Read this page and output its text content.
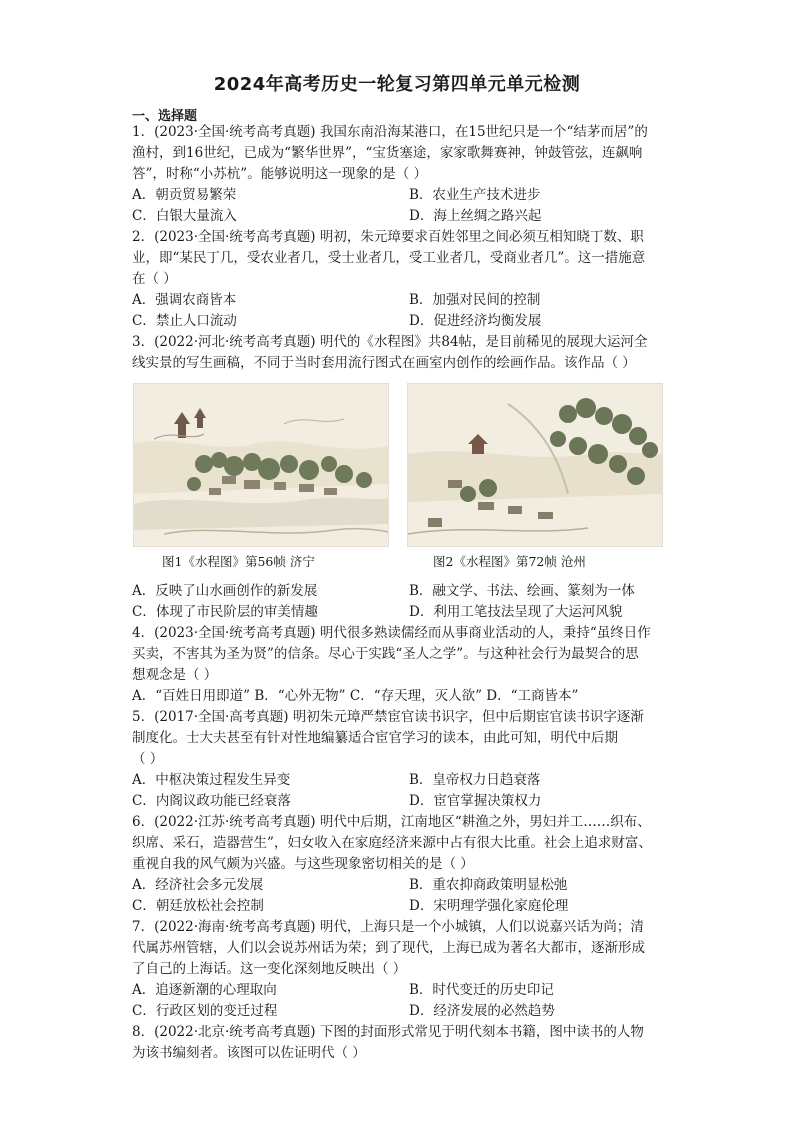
2024年高考历史一轮复习第四单元单元检测
一、选择题
1．(2023·全国·统考高考真题) 我国东南沿海某港口，在15世纪只是一个“结茅而居”的
渔村，到16世纪，已成为“繁华世界”，“宝货塞途，家家歌舞赛神，钟鼓管弦，连飙响
答”，时称“小苏杭”。能够说明这一现象的是（ ）
A．朝贡贸易繁荣	B．农业生产技术进步
C．白银大量流入	D．海上丝绸之路兴起
2．(2023·全国·统考高考真题) 明初，朱元璋要求百姓邻里之间必须互相知晓丁数、职
业，即“某民丁几，受农业者几，受士业者几，受工业者几，受商业者几”。这一措施意
在（ ）
A．强调农商皆本	B．加强对民间的控制
C．禁止人口流动	D．促进经济均衡发展
3．(2022·河北·统考高考真题) 明代的《水程图》共84帖，是目前稀见的展现大运河全
线实景的写生画稿，不同于当时套用流行图式在画室内创作的绘画作品。该作品（ ）
图1《水程图》第56帧 济宁	图2《水程图》第72帧 沧州
A．反映了山水画创作的新发展	B．融文学、书法、绘画、篆刻为一体
C．体现了市民阶层的审美情趣	D．利用工笔技法呈现了大运河风貌
4．(2023·全国·统考高考真题) 明代很多熟读儒经而从事商业活动的人，秉持“虽终日作
买卖，不害其为圣为贤”的信条。尽心于实践“圣人之学”。与这种社会行为最契合的思
想观念是（ ）
A．“百姓日用即道” B．“心外无物” C．“存天理，灭人欲” D．“工商皆本”
5．(2017·全国·高考真题) 明初朱元璋严禁宦官读书识字，但中后期宦官读书识字逐渐
制度化。士大夫甚至有针对性地编纂适合宦官学习的读本，由此可知，明代中后期
（ ）
A．中枢决策过程发生异变	B．皇帝权力日趋衰落
C．内阁议政功能已经衰落	D．宦官掌握决策权力
6．(2022·江苏·统考高考真题) 明代中后期，江南地区“耕渔之外，男妇并工……织布、
织席、采石，造器营生”，妇女收入在家庭经济来源中占有很大比重。社会上追求财富、
重视自我的风气颇为兴盛。与这些现象密切相关的是（ ）
A．经济社会多元发展	B．重农抑商政策明显松弛
C．朝廷放松社会控制	D．宋明理学强化家庭伦理
7．(2022·海南·统考高考真题) 明代，上海只是一个小城镇，人们以说嘉兴话为尚；清
代属苏州管辖，人们以会说苏州话为荣；到了现代，上海已成为著名大都市，逐渐形成
了自己的上海话。这一变化深刻地反映出（ ）
A．追逐新潮的心理取向	B．时代变迁的历史印记
C．行政区划的变迁过程	D．经济发展的必然趋势
8．(2022·北京·统考高考真题) 下图的封面形式常见于明代刻本书籍，图中读书的人物
为该书编刻者。该图可以佐证明代（ ）
